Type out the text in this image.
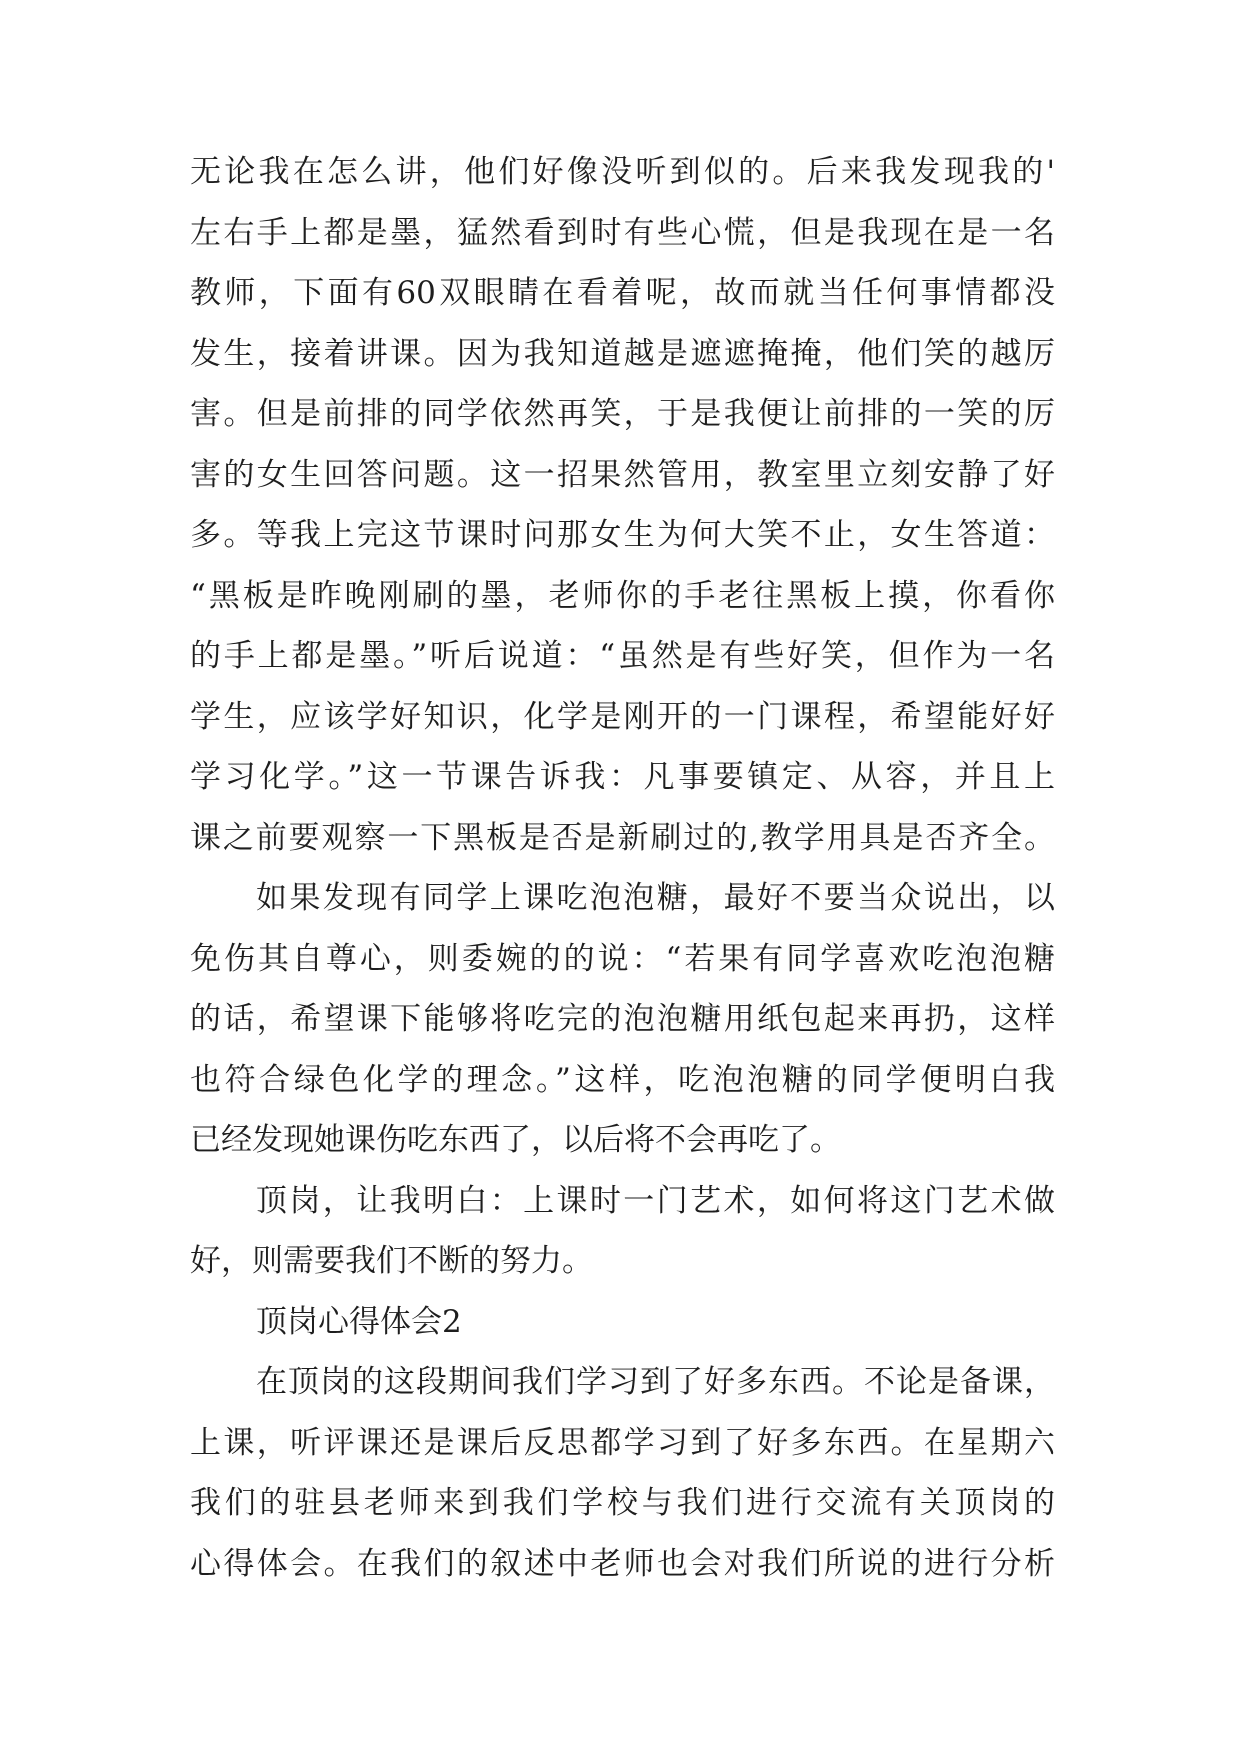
无论我在怎么讲，他们好像没听到似的。后来我发现我的'
左右手上都是墨，猛然看到时有些心慌，但是我现在是一名
教师，下面有60双眼睛在看着呢，故而就当任何事情都没
发生，接着讲课。因为我知道越是遮遮掩掩，他们笑的越厉
害。但是前排的同学依然再笑，于是我便让前排的一笑的厉
害的女生回答问题。这一招果然管用，教室里立刻安静了好
多。等我上完这节课时问那女生为何大笑不止，女生答道：
“黑板是昨晚刚刷的墨，老师你的手老往黑板上摸，你看你
的手上都是墨。”听后说道：“虽然是有些好笑，但作为一名
学生，应该学好知识，化学是刚开的一门课程，希望能好好
学习化学。”这一节课告诉我：凡事要镇定、从容，并且上
课之前要观察一下黑板是否是新刷过的,教学用具是否齐全。
如果发现有同学上课吃泡泡糖，最好不要当众说出，以
免伤其自尊心，则委婉的的说：“若果有同学喜欢吃泡泡糖
的话，希望课下能够将吃完的泡泡糖用纸包起来再扔，这样
也符合绿色化学的理念。”这样，吃泡泡糖的同学便明白我
已经发现她课伤吃东西了，以后将不会再吃了。
顶岗，让我明白：上课时一门艺术，如何将这门艺术做
好，则需要我们不断的努力。
顶岗心得体会2
在顶岗的这段期间我们学习到了好多东西。不论是备课，
上课，听评课还是课后反思都学习到了好多东西。在星期六
我们的驻县老师来到我们学校与我们进行交流有关顶岗的
心得体会。在我们的叙述中老师也会对我们所说的进行分析
